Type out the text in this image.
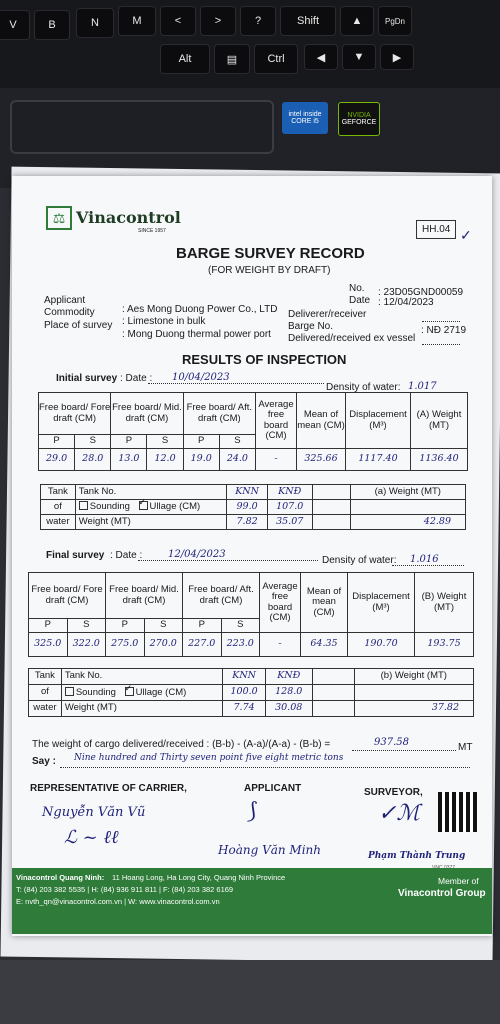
V	B	N	M	<	>	?	Shift	▲	PgDn
Alt	▤	Ctrl	◀	▼	▶
intel inside
CORE i5
NVIDIA
GEFORCE
⚖ Vinacontrol
SINCE 1957	HH.04 ✓
BARGE SURVEY RECORD
(FOR WEIGHT BY DRAFT)
No. : 23D05GND00059
Date : 12/04/2023
Applicant
: Aes Mong Duong Power Co., LTD
Commodity
: Limestone in bulk
Place of survey
: Mong Duong thermal power port
Deliverer/receiver
Barge No.	: NĐ 2719
Delivered/received ex vessel
RESULTS OF INSPECTION
Initial survey : Date : 10/04/2023
Density of water: 1.017
Free board/ Fore draft (CM)		Free board/ Mid. draft (CM)		Free board/ Aft. draft (CM)		Average free board (CM)	Mean of mean (CM)	Displacement (M³)	(A) Weight (MT)
P	S	P	S	P	S				
29.0	28.0	13.0	12.0	19.0	24.0	-	325.66	1117.40	1136.40
Tank	Tank No.	KNN	KNĐ		(a) Weight (MT)
of	Sounding ✓ Ullage (CM)	99.0	107.0		
water	Weight (MT)	7.82	35.07		42.89
Final survey : Date :	12/04/2023
Density of water: 1.016
Free board/ Fore draft (CM)		Free board/ Mid. draft (CM)		Free board/ Aft. draft (CM)		Average free board (CM)	Mean of mean (CM)	Displacement (M³)	(B) Weight (MT)
P	S	P	S	P	S				
325.0	322.0	275.0	270.0	227.0	223.0	-	64.35	190.70	193.75
Tank	Tank No.	KNN	KNĐ		(b) Weight (MT)
of	Sounding ✓ Ullage (CM)	100.0	128.0		
water	Weight (MT)	7.74	30.08		37.82
The weight of cargo delivered/received : (B-b) - (A-a)/(A-a) - (B-b) =	937.58	MT
Say : Nine hundred and Thirty seven point five eight metric tons
REPRESENTATIVE OF CARRIER,	APPLICANT	SURVEYOR,
Nguyễn Văn Vũ
ℒ ~ ℓℓ
⟆
Hoàng Văn Minh
✓ℳ
Phạm Thành Trung
Vinacontrol Quang Ninh: 11 Hoang Long, Ha Long City, Quang Ninh Province
T: (84) 203 382 5535 | H: (84) 936 911 811 | F: (84) 203 382 6169
E: nvth_qn@vinacontrol.com.vn | W: www.vinacontrol.com.vn
Member of
Vinacontrol Group
